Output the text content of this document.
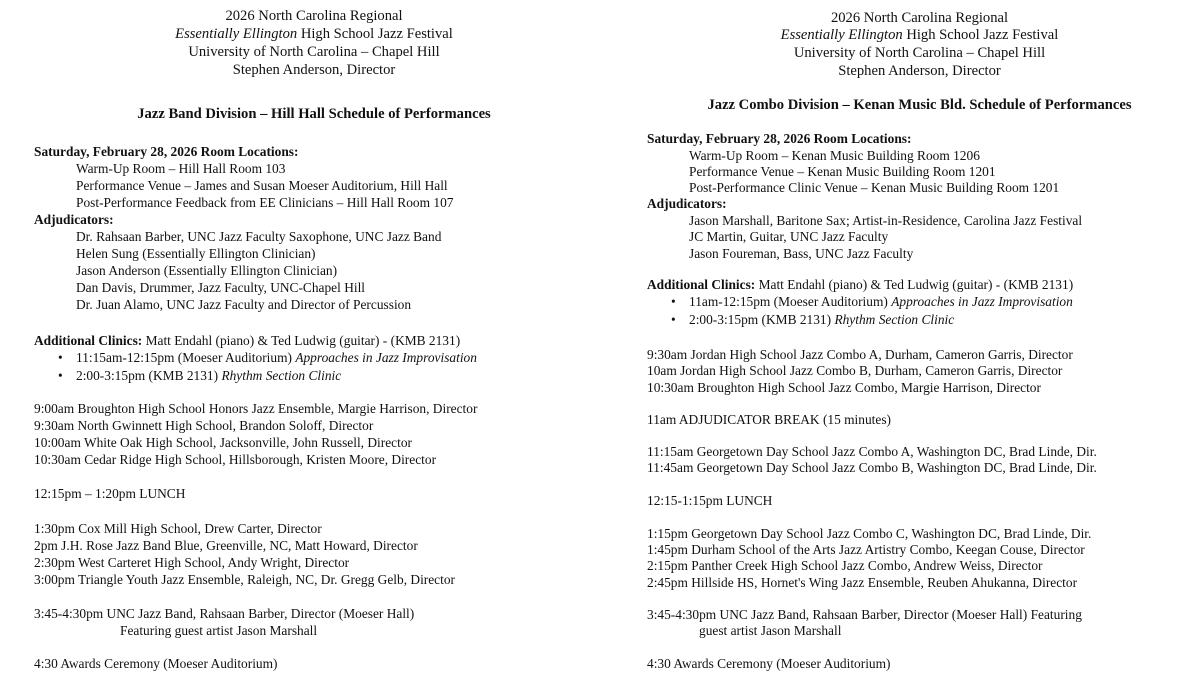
2026 North Carolina Regional
Essentially Ellington High School Jazz Festival
University of North Carolina – Chapel Hill
Stephen Anderson, Director
Jazz Band Division – Hill Hall Schedule of Performances
Saturday, February 28, 2026 Room Locations:
Warm-Up Room – Hill Hall Room 103
Performance Venue – James and Susan Moeser Auditorium, Hill Hall
Post-Performance Feedback from EE Clinicians – Hill Hall Room 107
Adjudicators:
Dr. Rahsaan Barber, UNC Jazz Faculty Saxophone, UNC Jazz Band
Helen Sung (Essentially Ellington Clinician)
Jason Anderson (Essentially Ellington Clinician)
Dan Davis, Drummer, Jazz Faculty, UNC-Chapel Hill
Dr. Juan Alamo, UNC Jazz Faculty and Director of Percussion
Additional Clinics: Matt Endahl (piano) & Ted Ludwig (guitar) - (KMB 2131)
• 11:15am-12:15pm (Moeser Auditorium) Approaches in Jazz Improvisation
• 2:00-3:15pm (KMB 2131) Rhythm Section Clinic
9:00am Broughton High School Honors Jazz Ensemble, Margie Harrison, Director
9:30am North Gwinnett High School, Brandon Soloff, Director
10:00am White Oak High School, Jacksonville, John Russell, Director
10:30am Cedar Ridge High School, Hillsborough, Kristen Moore, Director
12:15pm – 1:20pm LUNCH
1:30pm Cox Mill High School, Drew Carter, Director
2pm J.H. Rose Jazz Band Blue, Greenville, NC, Matt Howard, Director
2:30pm West Carteret High School, Andy Wright, Director
3:00pm Triangle Youth Jazz Ensemble, Raleigh, NC, Dr. Gregg Gelb, Director
3:45-4:30pm UNC Jazz Band, Rahsaan Barber, Director (Moeser Hall)
Featuring guest artist Jason Marshall
4:30 Awards Ceremony (Moeser Auditorium)
2026 North Carolina Regional
Essentially Ellington High School Jazz Festival
University of North Carolina – Chapel Hill
Stephen Anderson, Director
Jazz Combo Division – Kenan Music Bld. Schedule of Performances
Saturday, February 28, 2026 Room Locations:
Warm-Up Room – Kenan Music Building Room 1206
Performance Venue – Kenan Music Building Room 1201
Post-Performance Clinic Venue – Kenan Music Building Room 1201
Adjudicators:
Jason Marshall, Baritone Sax; Artist-in-Residence, Carolina Jazz Festival
JC Martin, Guitar, UNC Jazz Faculty
Jason Foureman, Bass, UNC Jazz Faculty
Additional Clinics: Matt Endahl (piano) & Ted Ludwig (guitar) - (KMB 2131)
• 11am-12:15pm (Moeser Auditorium) Approaches in Jazz Improvisation
• 2:00-3:15pm (KMB 2131) Rhythm Section Clinic
9:30am Jordan High School Jazz Combo A, Durham, Cameron Garris, Director
10am Jordan High School Jazz Combo B, Durham, Cameron Garris, Director
10:30am Broughton High School Jazz Combo, Margie Harrison, Director
11am ADJUDICATOR BREAK (15 minutes)
11:15am Georgetown Day School Jazz Combo A, Washington DC, Brad Linde, Dir.
11:45am Georgetown Day School Jazz Combo B, Washington DC, Brad Linde, Dir.
12:15-1:15pm LUNCH
1:15pm Georgetown Day School Jazz Combo C, Washington DC, Brad Linde, Dir.
1:45pm Durham School of the Arts Jazz Artistry Combo, Keegan Couse, Director
2:15pm Panther Creek High School Jazz Combo, Andrew Weiss, Director
2:45pm Hillside HS, Hornet's Wing Jazz Ensemble, Reuben Ahukanna, Director
3:45-4:30pm UNC Jazz Band, Rahsaan Barber, Director (Moeser Hall) Featuring
guest artist Jason Marshall
4:30 Awards Ceremony (Moeser Auditorium)
